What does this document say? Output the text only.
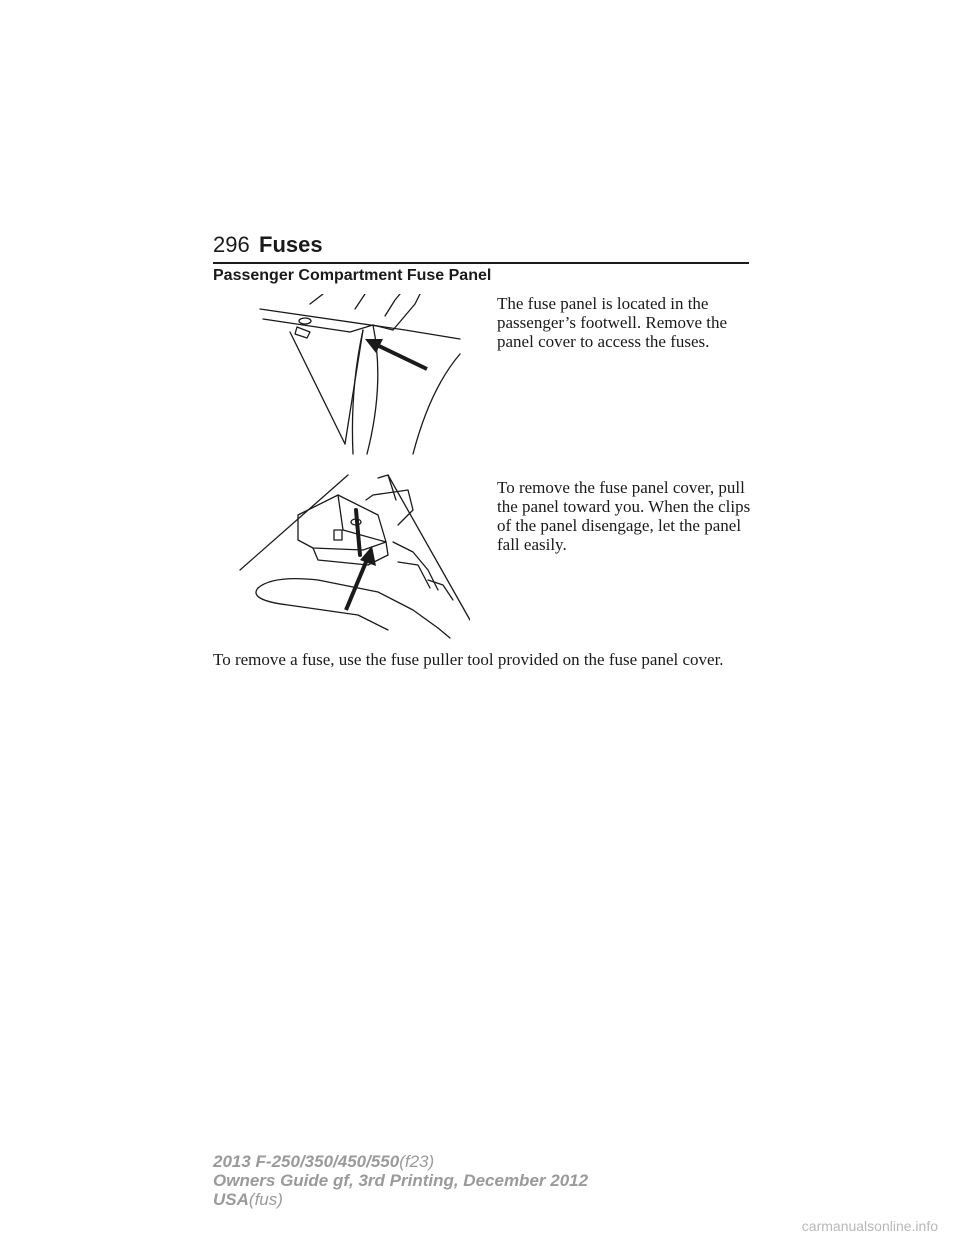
296 Fuses
Passenger Compartment Fuse Panel

The fuse panel is located in the passenger’s footwell. Remove the panel cover to access the fuses.

To remove the fuse panel cover, pull the panel toward you. When the clips of the panel disengage, let the panel fall easily.

To remove a fuse, use the fuse puller tool provided on the fuse panel cover.

2013 F-250/350/450/550(f23)
Owners Guide gf, 3rd Printing, December 2012
USA(fus)
carmanualsonline.info
